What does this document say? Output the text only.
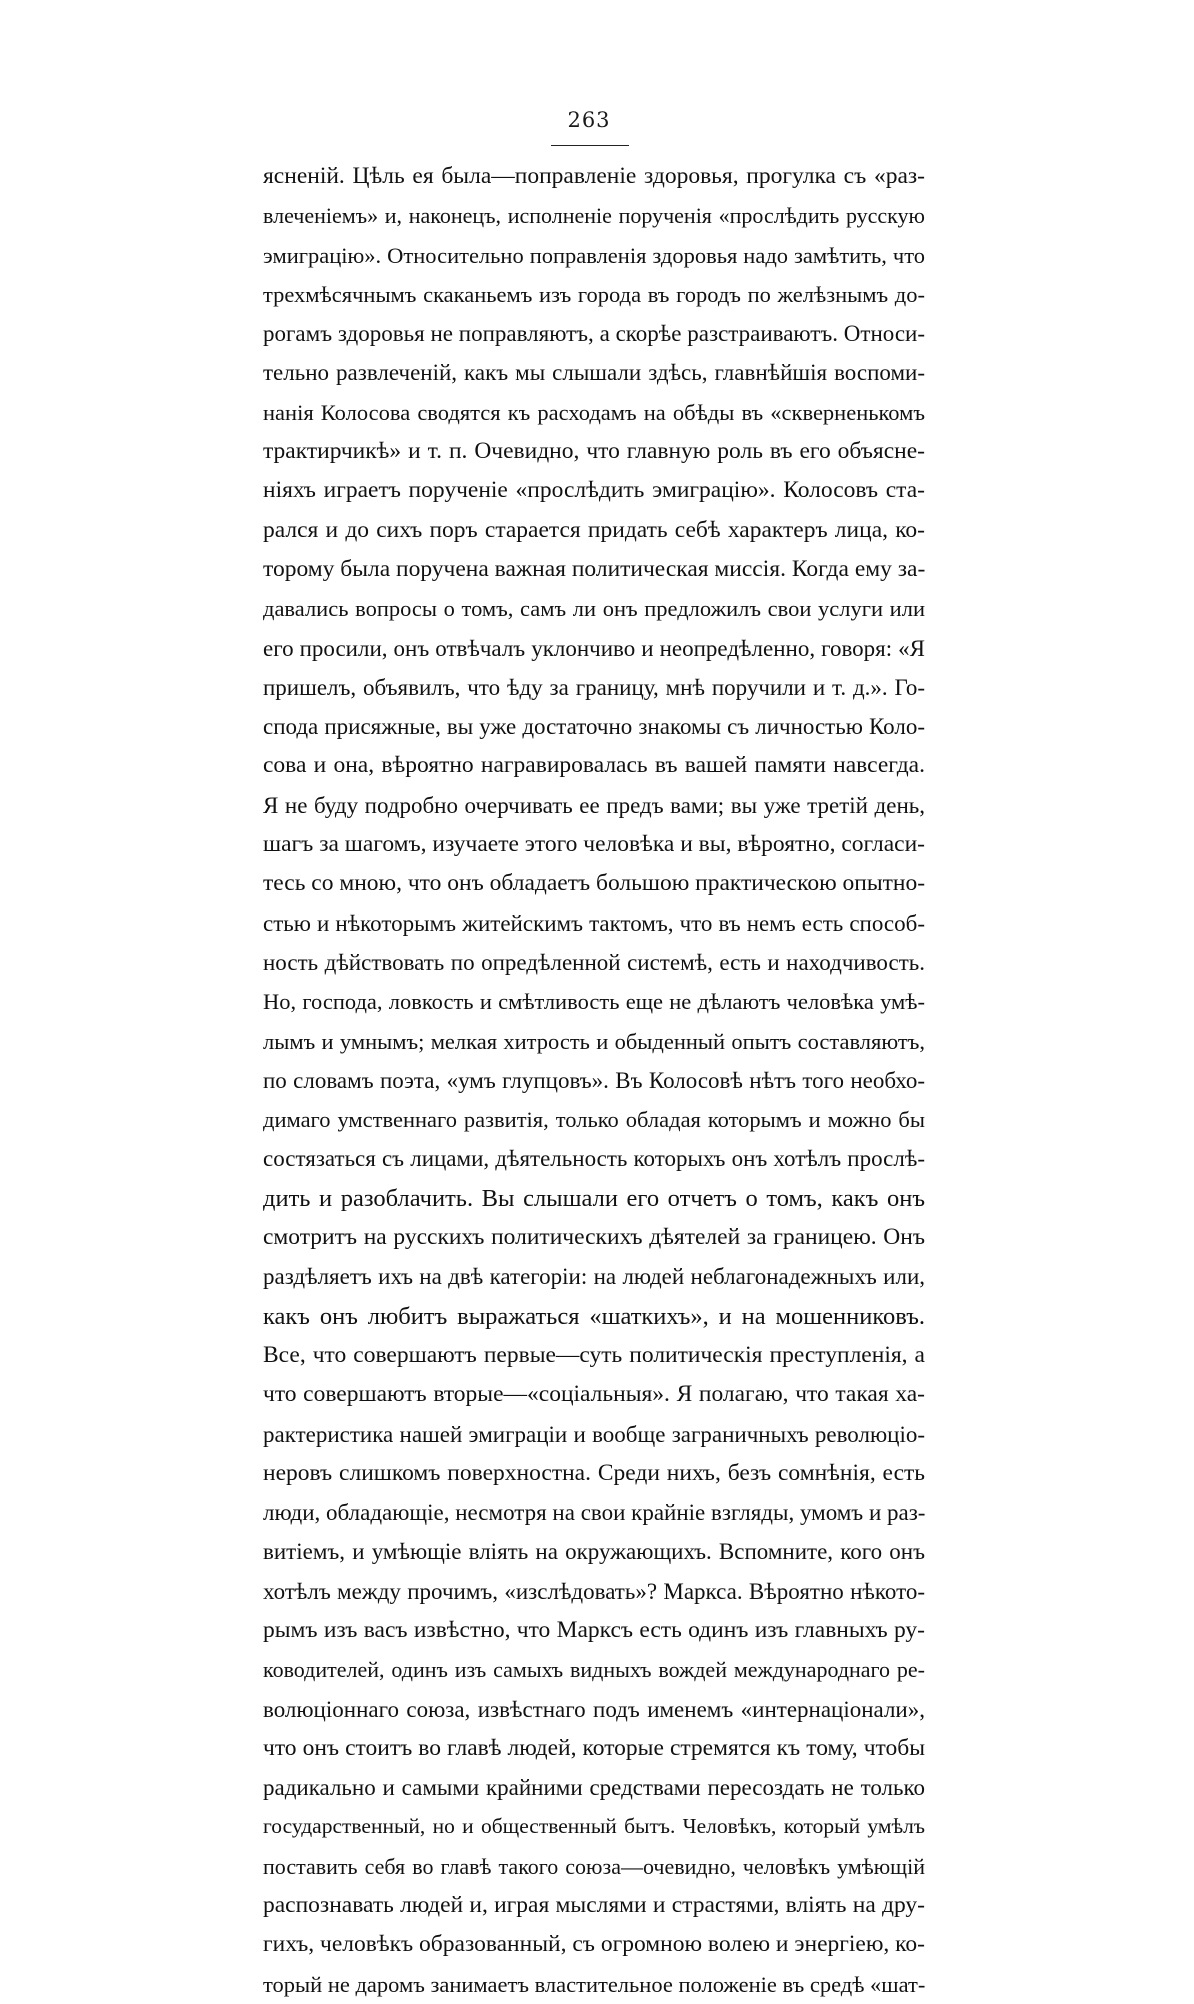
263
ясненій. Цѣль ея была—поправленіе здоровья, прогулка съ «раз-
влеченіемъ» и, наконецъ, исполненіе порученія «прослѣдить русскую
эмиграцію». Относительно поправленія здоровья надо замѣтить, что
трехмѣсячнымъ скаканьемъ изъ города въ городъ по желѣзнымъ до-
рогамъ здоровья не поправляютъ, а скорѣе разстраиваютъ. Относи-
тельно развлеченій, какъ мы слышали здѣсь, главнѣйшія воспоми-
нанія Колосова сводятся къ расходамъ на обѣды въ «скверненькомъ
трактирчикѣ» и т. п. Очевидно, что главную роль въ его объясне-
ніяхъ играетъ порученіе «прослѣдить эмиграцію». Колосовъ ста-
рался и до сихъ поръ старается придать себѣ характеръ лица, ко-
торому была поручена важная политическая миссія. Когда ему за-
давались вопросы о томъ, самъ ли онъ предложилъ свои услуги или
его просили, онъ отвѣчалъ уклончиво и неопредѣленно, говоря: «Я
пришелъ, объявилъ, что ѣду за границу, мнѣ поручили и т. д.». Го-
спода присяжные, вы уже достаточно знакомы съ личностью Коло-
сова и она, вѣроятно награвировалась въ вашей памяти навсегда.
Я не буду подробно очерчивать ее предъ вами; вы уже третій день,
шагъ за шагомъ, изучаете этого человѣка и вы, вѣроятно, согласи-
тесь со мною, что онъ обладаетъ большою практическою опытно-
стью и нѣкоторымъ житейскимъ тактомъ, что въ немъ есть способ-
ность дѣйствовать по опредѣленной системѣ, есть и находчивость.
Но, господа, ловкость и смѣтливость еще не дѣлаютъ человѣка умѣ-
лымъ и умнымъ; мелкая хитрость и обыденный опытъ составляютъ,
по словамъ поэта, «умъ глупцовъ». Въ Колосовѣ нѣтъ того необхо-
димаго умственнаго развитія, только обладая которымъ и можно бы
состязаться съ лицами, дѣятельность которыхъ онъ хотѣлъ прослѣ-
дить и разоблачить. Вы слышали его отчетъ о томъ, какъ онъ
смотритъ на русскихъ политическихъ дѣятелей за границею. Онъ
раздѣляетъ ихъ на двѣ категоріи: на людей неблагонадежныхъ или,
какъ онъ любитъ выражаться «шаткихъ», и на мошенниковъ.
Все, что совершаютъ первые—суть политическія преступленія, а
что совершаютъ вторые—«соціальныя». Я полагаю, что такая ха-
рактеристика нашей эмиграціи и вообще заграничныхъ революціо-
неровъ слишкомъ поверхностна. Среди нихъ, безъ сомнѣнія, есть
люди, обладающіе, несмотря на свои крайніе взгляды, умомъ и раз-
витіемъ, и умѣющіе вліять на окружающихъ. Вспомните, кого онъ
хотѣлъ между прочимъ, «изслѣдовать»? Маркса. Вѣроятно нѣкото-
рымъ изъ васъ извѣстно, что Марксъ есть одинъ изъ главныхъ ру-
ководителей, одинъ изъ самыхъ видныхъ вождей международнаго ре-
волюціоннаго союза, извѣстнаго подъ именемъ «интернаціонали»,
что онъ стоитъ во главѣ людей, которые стремятся къ тому, чтобы
радикально и самыми крайними средствами пересоздать не только
государственный, но и общественный бытъ. Человѣкъ, который умѣлъ
поставить себя во главѣ такого союза—очевидно, человѣкъ умѣющій
распознавать людей и, играя мыслями и страстями, вліять на дру-
гихъ, человѣкъ образованный, съ огромною волею и энергіею, ко-
торый не даромъ занимаетъ властительное положеніе въ средѣ «шат-
